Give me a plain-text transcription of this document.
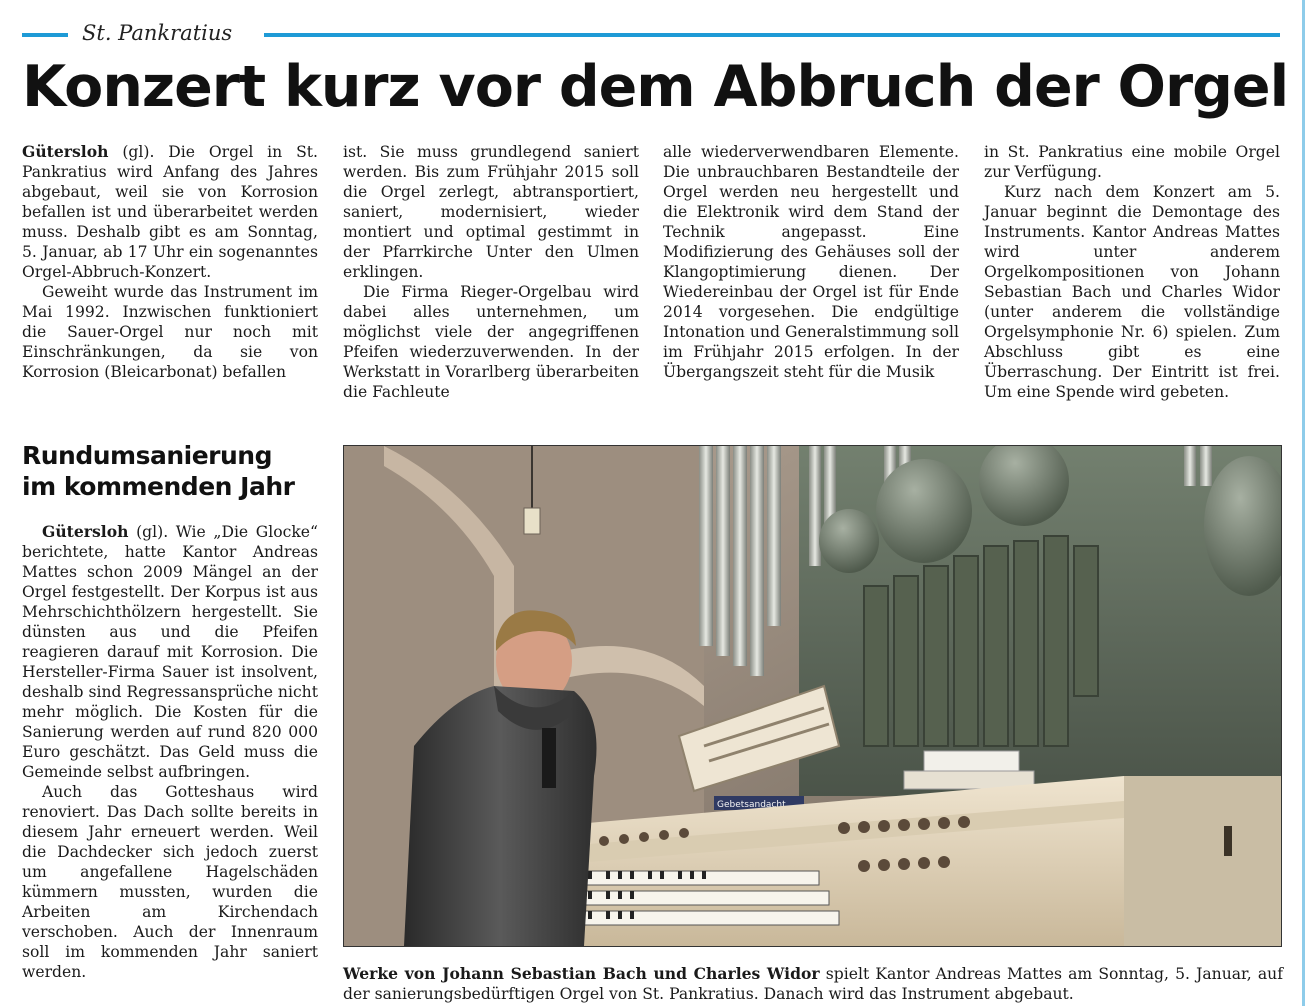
St. Pankratius
Konzert kurz vor dem Abbruch der Orgel

Gütersloh (gl). Die Orgel in St. Pankratius wird Anfang des Jahres abgebaut, weil sie von Korrosion befallen ist und überarbeitet werden muss. Deshalb gibt es am Sonntag, 5. Januar, ab 17 Uhr ein sogenanntes Orgel-Abbruch-Konzert.

Geweiht wurde das Instrument im Mai 1992. Inzwischen funktioniert die Sauer-Orgel nur noch mit Einschränkungen, da sie von Korrosion (Bleicarbonat) befallen

ist. Sie muss grundlegend saniert werden. Bis zum Frühjahr 2015 soll die Orgel zerlegt, abtransportiert, saniert, modernisiert, wieder montiert und optimal gestimmt in der Pfarrkirche Unter den Ulmen erklingen.

Die Firma Rieger-Orgelbau wird dabei alles unternehmen, um möglichst viele der angegriffenen Pfeifen wiederzuverwenden. In der Werkstatt in Vorarlberg überarbeiten die Fachleute

alle wiederverwendbaren Elemente. Die unbrauchbaren Bestandteile der Orgel werden neu hergestellt und die Elektronik wird dem Stand der Technik angepasst. Eine Modifizierung des Gehäuses soll der Klangoptimierung dienen. Der Wiedereinbau der Orgel ist für Ende 2014 vorgesehen. Die endgültige Intonation und Generalstimmung soll im Frühjahr 2015 erfolgen. In der Übergangszeit steht für die Musik

in St. Pankratius eine mobile Orgel zur Verfügung.

Kurz nach dem Konzert am 5. Januar beginnt die Demontage des Instruments. Kantor Andreas Mattes wird unter anderem Orgelkompositionen von Johann Sebastian Bach und Charles Widor (unter anderem die vollständige Orgelsymphonie Nr. 6) spielen. Zum Abschluss gibt es eine Überraschung. Der Eintritt ist frei. Um eine Spende wird gebeten.

Rundumsanierung
im kommenden Jahr

Gütersloh (gl). Wie „Die Glocke“ berichtete, hatte Kantor Andreas Mattes schon 2009 Mängel an der Orgel festgestellt. Der Korpus ist aus Mehrschichthölzern hergestellt. Sie dünsten aus und die Pfeifen reagieren darauf mit Korrosion. Die Hersteller-Firma Sauer ist insolvent, deshalb sind Regressansprüche nicht mehr möglich. Die Kosten für die Sanierung werden auf rund 820 000 Euro geschätzt. Das Geld muss die Gemeinde selbst aufbringen.

Auch das Gotteshaus wird renoviert. Das Dach sollte bereits in diesem Jahr erneuert werden. Weil die Dachdecker sich jedoch zuerst um angefallene Hagelschäden kümmern mussten, wurden die Arbeiten am Kirchendach verschoben. Auch der Innenraum soll im kommenden Jahr saniert werden.

Gebetsandacht
Werke von Johann Sebastian Bach und Charles Widor spielt Kantor Andreas Mattes am Sonntag, 5. Januar, auf der sanierungsbedürftigen Orgel von St. Pankratius. Danach wird das Instrument abgebaut.
